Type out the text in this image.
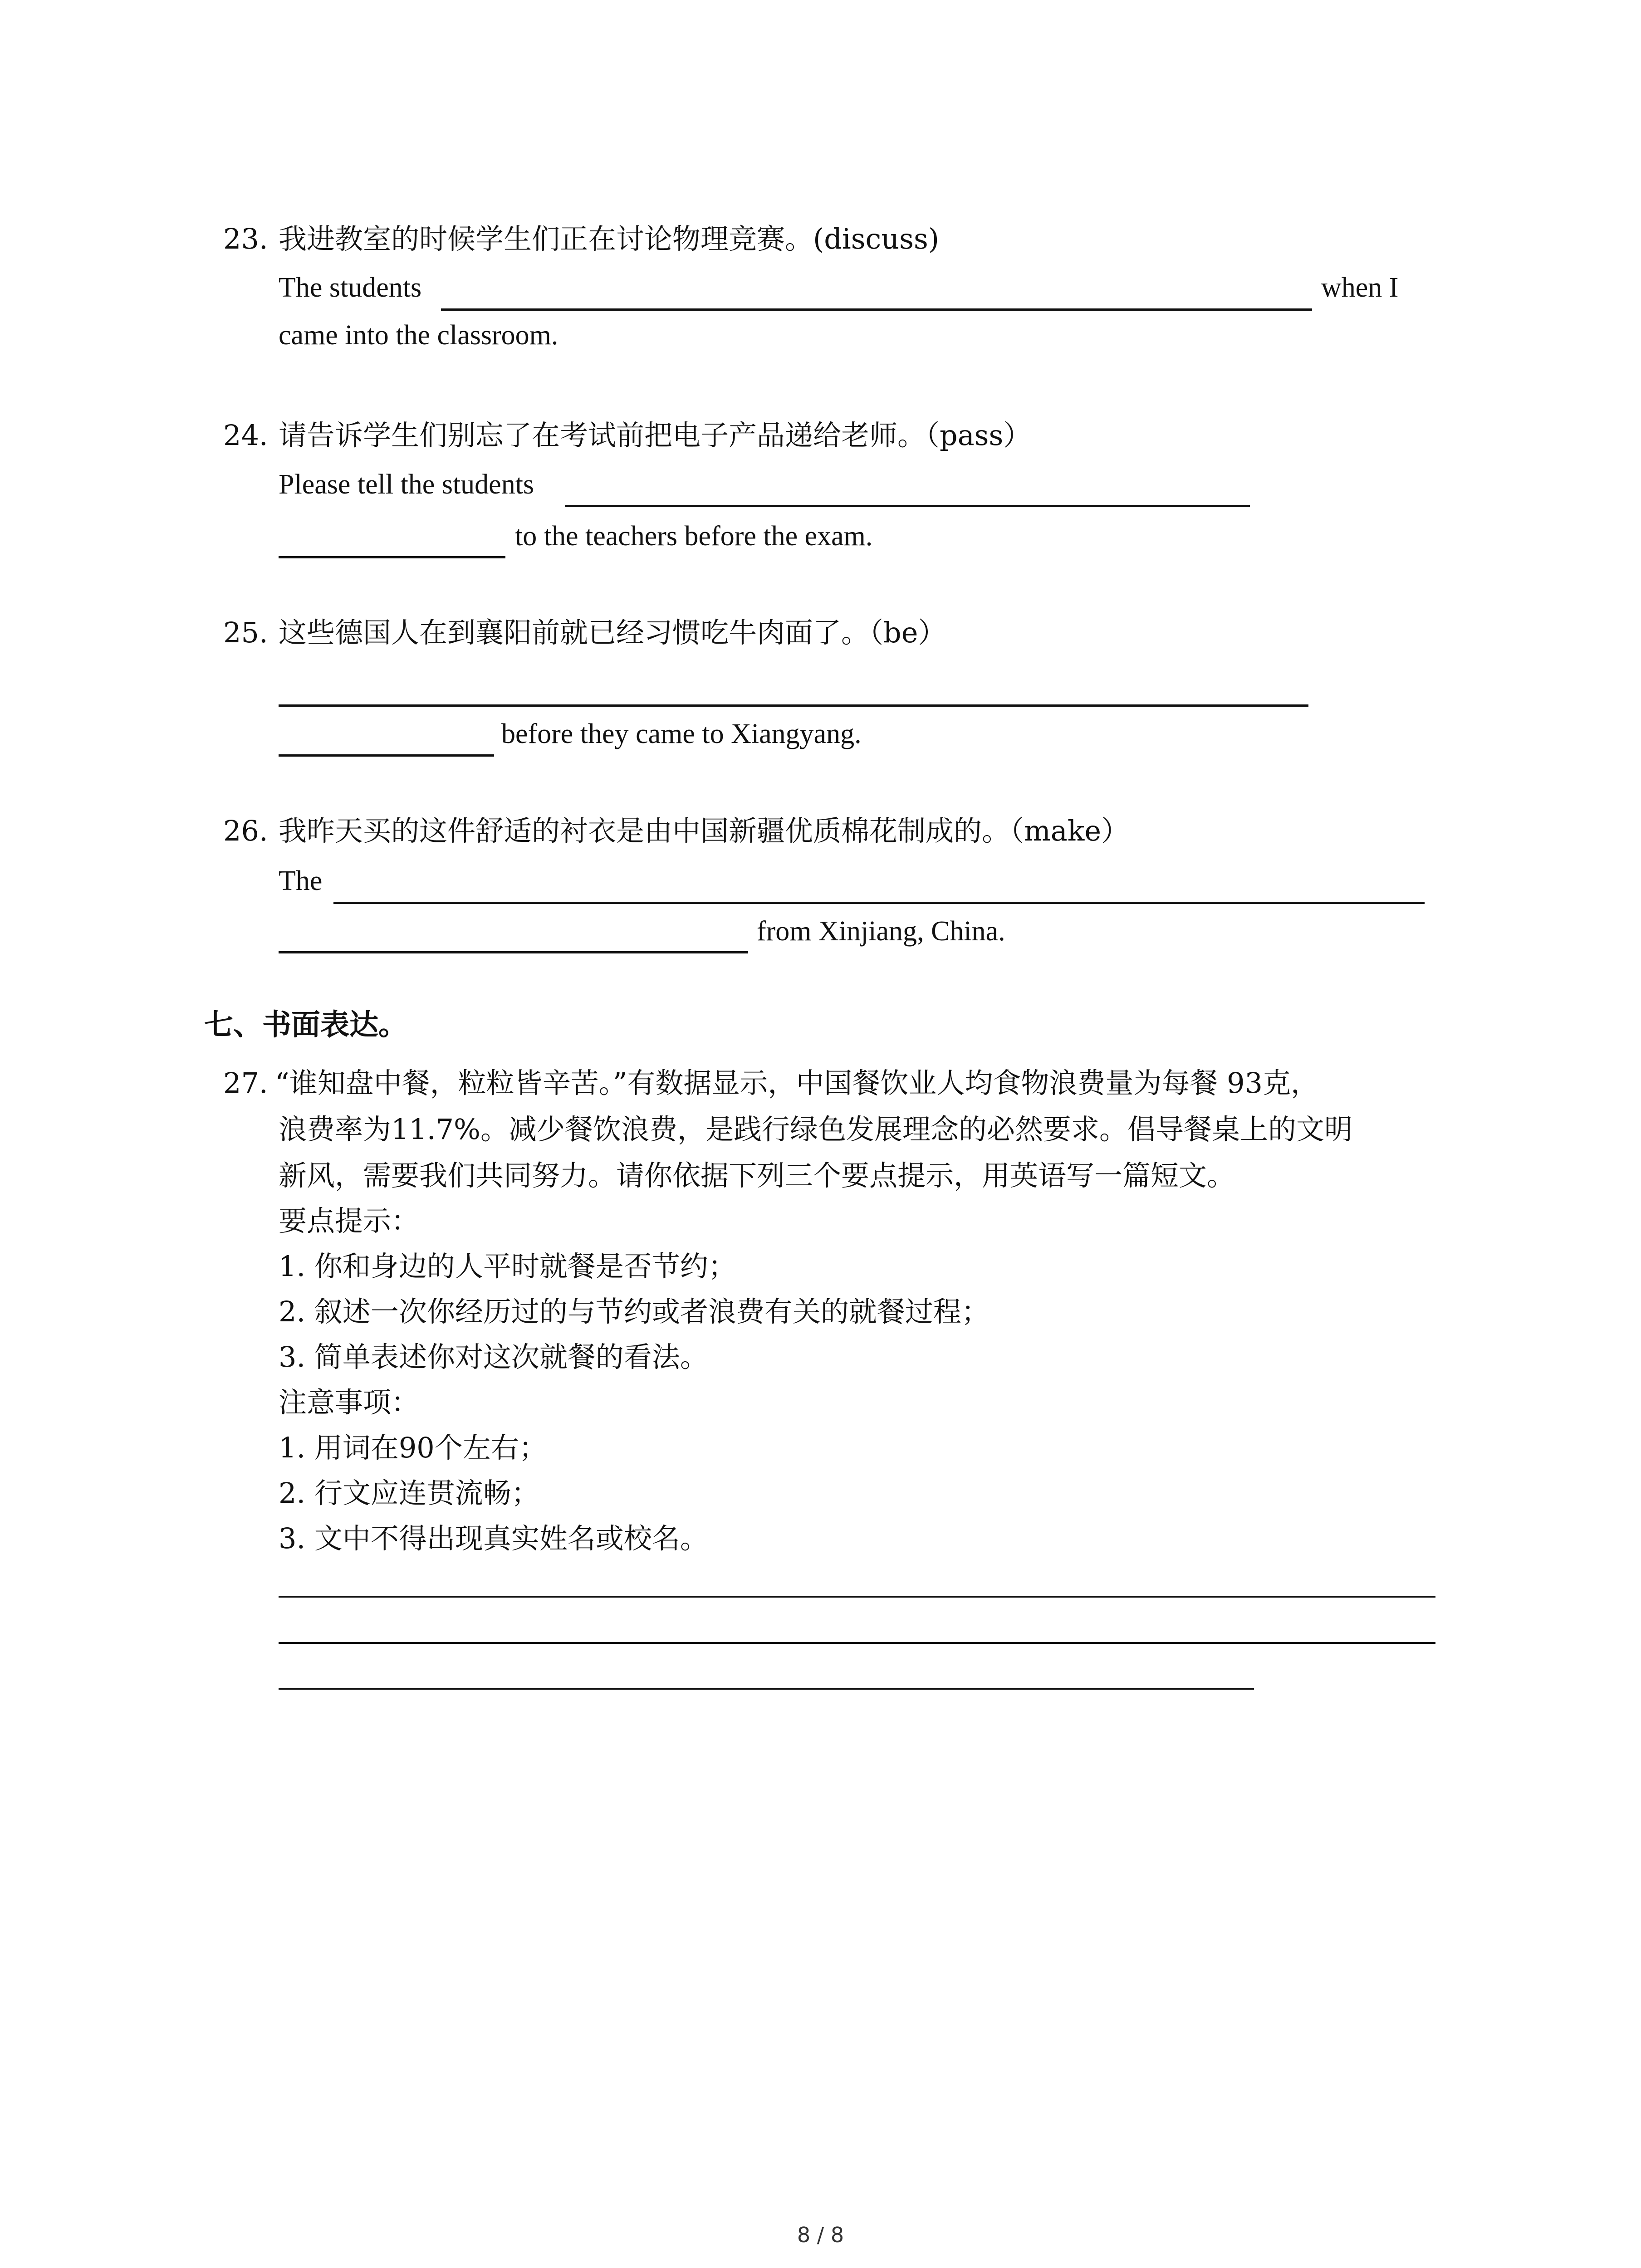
23. 我进教室的时候学生们正在讨论物理竞赛。(discuss)
The students	when I
came into the classroom.
24. 请告诉学生们别忘了在考试前把电子产品递给老师。（pass）
Please tell the students
to the teachers before the exam.
25. 这些德国人在到襄阳前就已经习惯吃牛肉面了。（be）
before they came to Xiangyang.
26. 我昨天买的这件舒适的衬衣是由中国新疆优质棉花制成的。（make）
The
from Xinjiang, China.
七、书面表达。
27. “谁知盘中餐，粒粒皆辛苦。”有数据显示，中国餐饮业人均食物浪费量为每餐 93克，
浪费率为11.7%。减少餐饮浪费，是践行绿色发展理念的必然要求。倡导餐桌上的文明
新风，需要我们共同努力。请你依据下列三个要点提示，用英语写一篇短文。
要点提示：
1. 你和身边的人平时就餐是否节约；
2. 叙述一次你经历过的与节约或者浪费有关的就餐过程；
3. 简单表述你对这次就餐的看法。
注意事项：
1. 用词在90个左右；
2. 行文应连贯流畅；
3. 文中不得出现真实姓名或校名。
8 / 8
